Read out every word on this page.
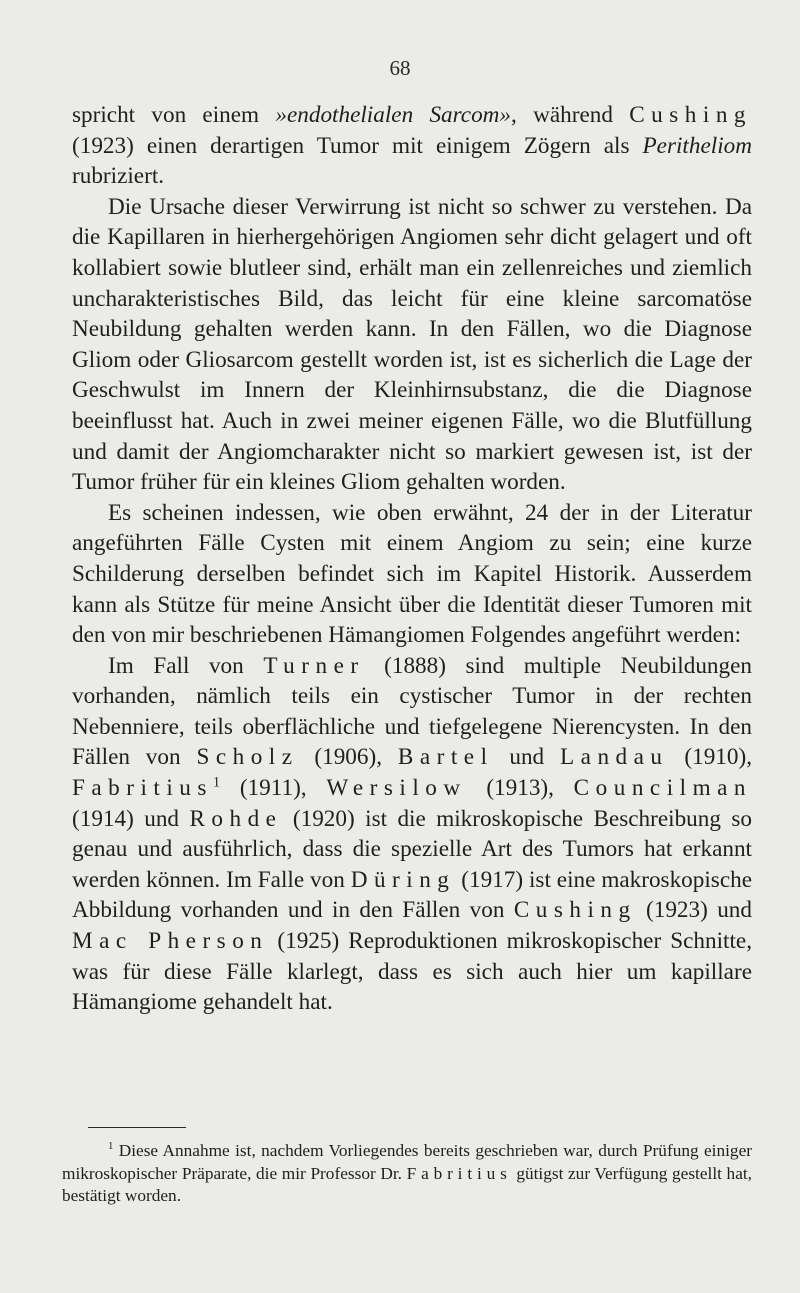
68

spricht von einem »endothelialen Sarcom», während Cushing (1923) einen derartigen Tumor mit einigem Zögern als Peritheliom rubriziert.

Die Ursache dieser Verwirrung ist nicht so schwer zu verstehen. Da die Kapillaren in hierhergehörigen Angiomen sehr dicht gelagert und oft kollabiert sowie blutleer sind, erhält man ein zellenreiches und ziemlich uncharakteristisches Bild, das leicht für eine kleine sarcomatöse Neubildung gehalten werden kann. In den Fällen, wo die Diagnose Gliom oder Gliosarcom gestellt worden ist, ist es sicherlich die Lage der Geschwulst im Innern der Kleinhirnsubstanz, die die Diagnose beeinflusst hat. Auch in zwei meiner eigenen Fälle, wo die Blutfüllung und damit der Angiomcharakter nicht so markiert gewesen ist, ist der Tumor früher für ein kleines Gliom gehalten worden.

Es scheinen indessen, wie oben erwähnt, 24 der in der Literatur angeführten Fälle Cysten mit einem Angiom zu sein; eine kurze Schilderung derselben befindet sich im Kapitel Historik. Ausserdem kann als Stütze für meine Ansicht über die Identität dieser Tumoren mit den von mir beschriebenen Hämangiomen Folgendes angeführt werden:

Im Fall von Turner (1888) sind multiple Neubildungen vorhanden, nämlich teils ein cystischer Tumor in der rechten Nebenniere, teils oberflächliche und tiefgelegene Nierencysten. In den Fällen von Scholz (1906), Bartel und Landau (1910), Fabritius$^1$ (1911), Wersilow (1913), Councilman (1914) und Rohde (1920) ist die mikroskopische Beschreibung so genau und ausführlich, dass die spezielle Art des Tumors hat erkannt werden können. Im Falle von Düring (1917) ist eine makroskopische Abbildung vorhanden und in den Fällen von Cushing (1923) und Mac Pherson (1925) Reproduktionen mikroskopischer Schnitte, was für diese Fälle klarlegt, dass es sich auch hier um kapillare Hämangiome gehandelt hat.

$^1$ Diese Annahme ist, nachdem Vorliegendes bereits geschrieben war, durch Prüfung einiger mikroskopischer Präparate, die mir Professor Dr. Fabritius gütigst zur Verfügung gestellt hat, bestätigt worden.
